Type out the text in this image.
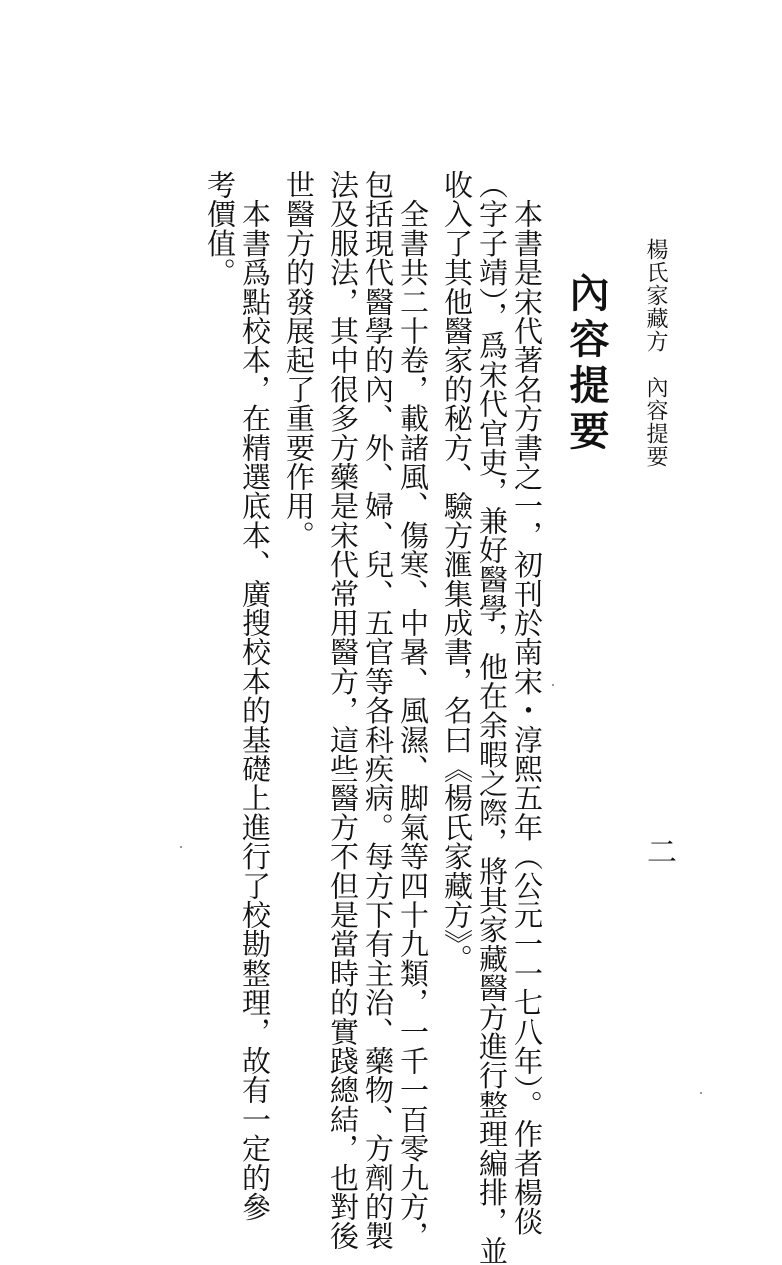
楊氏家藏方　內容提要
二
內容提要
　本書是宋代著名方書之一，初刊於南宋・淳熙五年（公元一一七八年）。作者楊倓
（字子靖），爲宋代官吏，兼好醫學，他在余暇之際，將其家藏醫方進行整理編排，並
收入了其他醫家的秘方、驗方滙集成書，名曰《楊氏家藏方》。
　全書共二十卷，載諸風、傷寒、中暑、風濕、脚氣等四十九類，一千一百零九方，
包括現代醫學的內、外、婦、兒、五官等各科疾病。每方下有主治、藥物、方劑的製
法及服法，其中很多方藥是宋代常用醫方，這些醫方不但是當時的實踐總結，也對後
世醫方的發展起了重要作用。
　本書爲點校本，在精選底本、廣搜校本的基礎上進行了校勘整理，故有一定的參
考價值。
